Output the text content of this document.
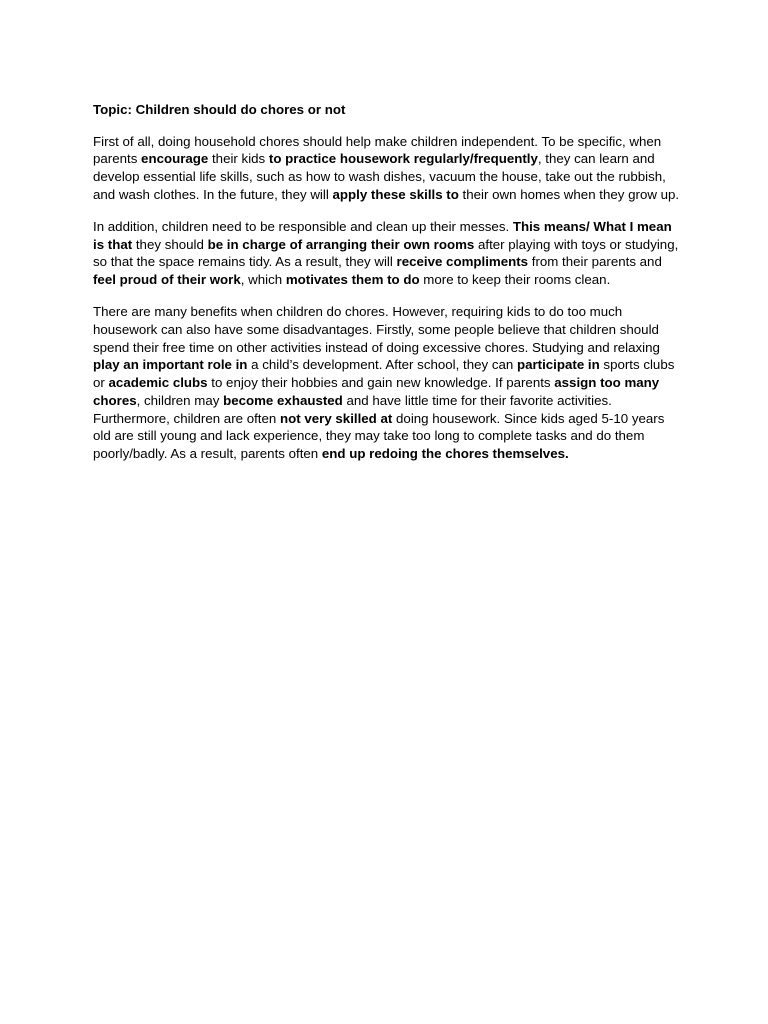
Topic: Children should do chores or not

First of all, doing household chores should help make children independent. To be specific, when parents encourage their kids to practice housework regularly/frequently, they can learn and develop essential life skills, such as how to wash dishes, vacuum the house, take out the rubbish, and wash clothes. In the future, they will apply these skills to their own homes when they grow up.

In addition, children need to be responsible and clean up their messes. This means/ What I mean is that they should be in charge of arranging their own rooms after playing with toys or studying, so that the space remains tidy. As a result, they will receive compliments from their parents and feel proud of their work, which motivates them to do more to keep their rooms clean.

There are many benefits when children do chores. However, requiring kids to do too much housework can also have some disadvantages. Firstly, some people believe that children should spend their free time on other activities instead of doing excessive chores. Studying and relaxing play an important role in a child’s development. After school, they can participate in sports clubs or academic clubs to enjoy their hobbies and gain new knowledge. If parents assign too many chores, children may become exhausted and have little time for their favorite activities. Furthermore, children are often not very skilled at doing housework. Since kids aged 5-10 years old are still young and lack experience, they may take too long to complete tasks and do them poorly/badly. As a result, parents often end up redoing the chores themselves.
